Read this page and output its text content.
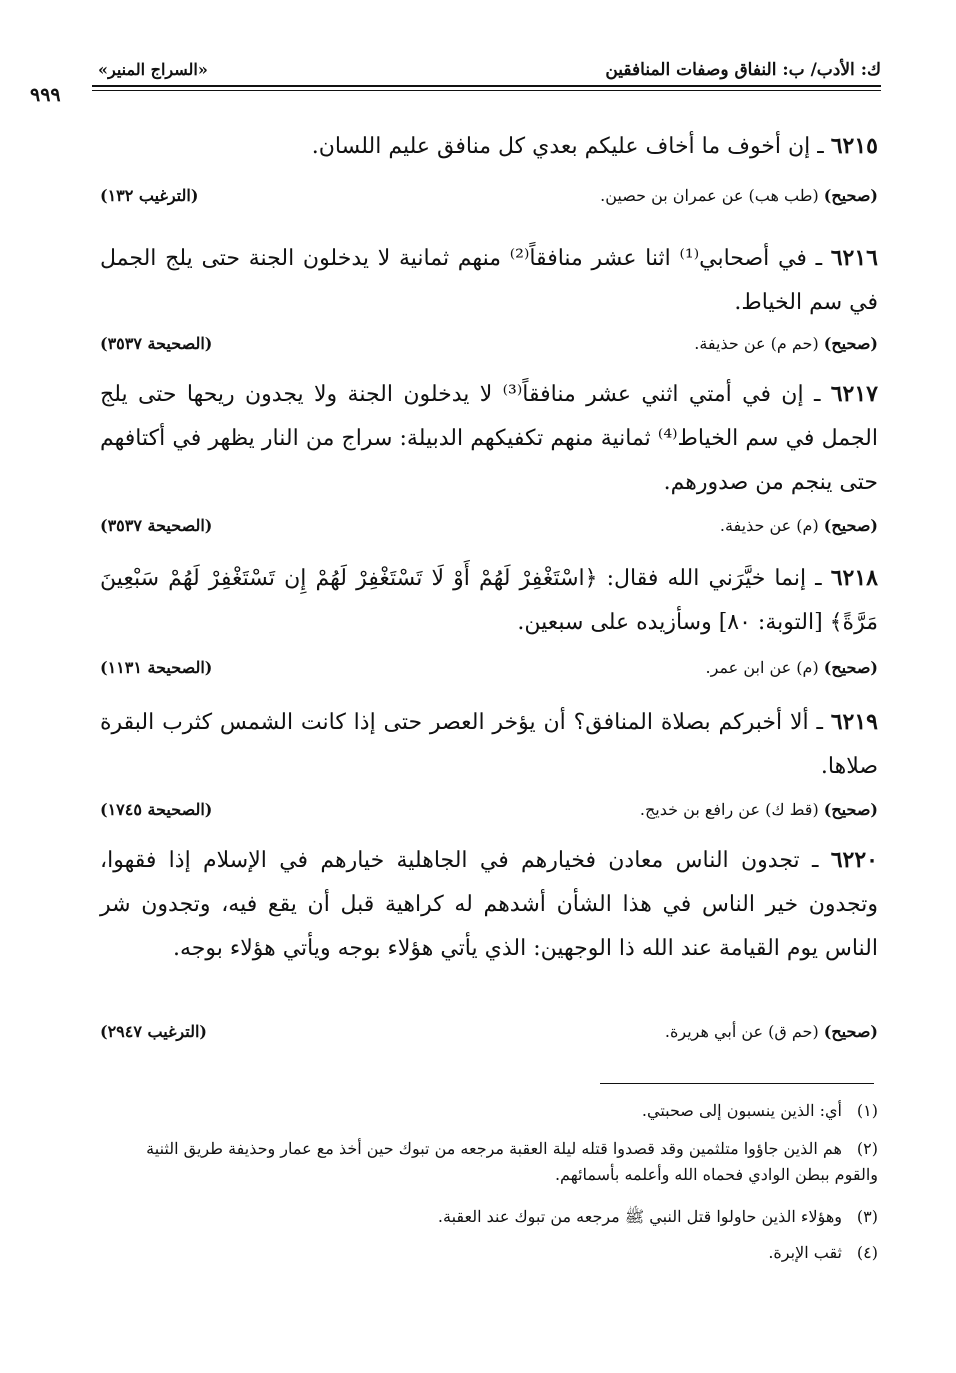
ك: الأدب/ ب: النفاق وصفات المنافقين
«السراج المنير»
٩٩٩
٦٢١٥ ـ إن أخوف ما أخاف عليكم بعدي كل منافق عليم اللسان.
(صحيح) (طب هب) عن عمران بن حصين.
(الترغيب ١٣٢)
٦٢١٦ ـ في أصحابي⁽¹⁾ اثنا عشر منافقاً⁽²⁾ منهم ثمانية لا يدخلون الجنة حتى يلج الجمل في سم الخياط.
(صحيح) (حم م) عن حذيفة.
(الصحيحة ٣٥٣٧)
٦٢١٧ ـ إن في أمتي اثني عشر منافقاً⁽³⁾ لا يدخلون الجنة ولا يجدون ريحها حتى يلج الجمل في سم الخياط⁽⁴⁾ ثمانية منهم تكفيكهم الدبيلة: سراج من النار يظهر في أكتافهم حتى ينجم من صدورهم.
(صحيح) (م) عن حذيفة.
(الصحيحة ٣٥٣٧)
٦٢١٨ ـ إنما خيَّرَني الله فقال: ﴿اسْتَغْفِرْ لَهُمْ أَوْ لَا تَسْتَغْفِرْ لَهُمْ إِن تَسْتَغْفِرْ لَهُمْ سَبْعِينَ مَرَّةً﴾ [التوبة: ٨٠] وسأزيده على سبعين.
(صحيح) (م) عن ابن عمر.
(الصحيحة ١١٣١)
٦٢١٩ ـ ألا أخبركم بصلاة المنافق؟ أن يؤخر العصر حتى إذا كانت الشمس كثرب البقرة صلاها.
(صحيح) (قط ك) عن رافع بن خديج.
(الصحيحة ١٧٤٥)
٦٢٢٠ ـ تجدون الناس معادن فخيارهم في الجاهلية خيارهم في الإسلام إذا فقهوا، وتجدون خير الناس في هذا الشأن أشدهم له كراهية قبل أن يقع فيه، وتجدون شر الناس يوم القيامة عند الله ذا الوجهين: الذي يأتي هؤلاء بوجه ويأتي هؤلاء بوجه.
(صحيح) (حم ق) عن أبي هريرة.
(الترغيب ٢٩٤٧)
(١)أي: الذين ينسبون إلى صحبتي.
(٢)هم الذين جاؤوا متلثمين وقد قصدوا قتله ليلة العقبة مرجعه من تبوك حين أخذ مع عمار وحذيفة طريق الثنية والقوم ببطن الوادي فحماه الله وأعلمه بأسمائهم.
(٣)وهؤلاء الذين حاولوا قتل النبي ﷺ مرجعه من تبوك عند العقبة.
(٤)ثقب الإبرة.
